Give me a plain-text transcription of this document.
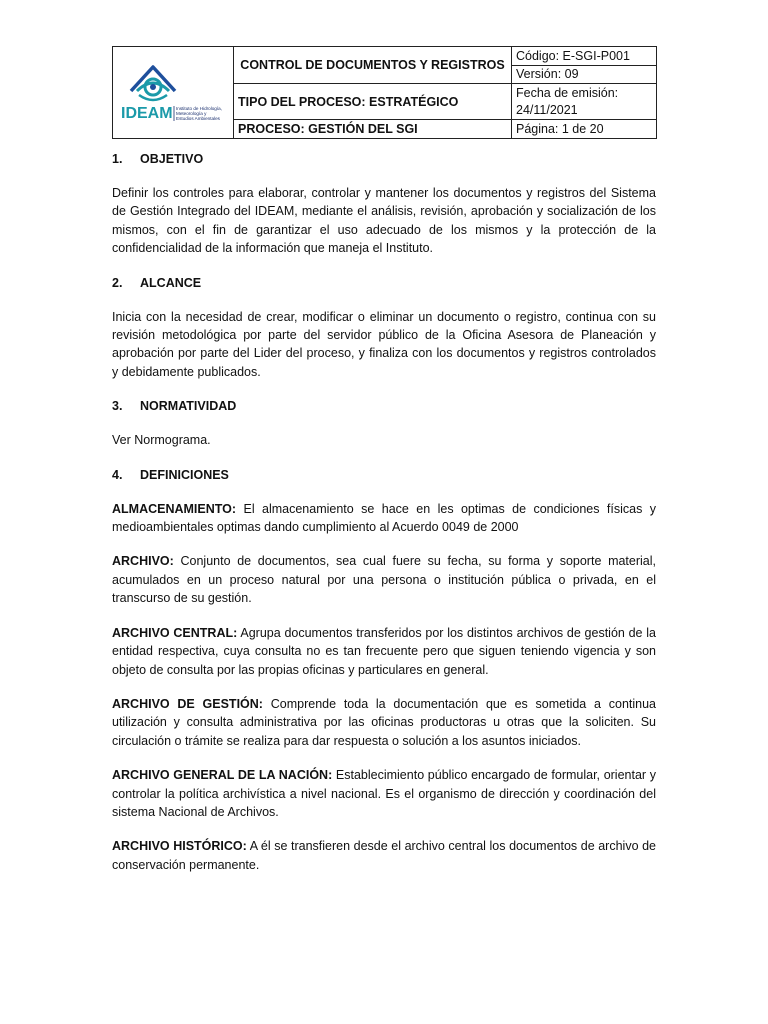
IDEAM Instituto de Hidrología,
Meteorología y
Estudios Ambientales	CONTROL DE DOCUMENTOS Y REGISTROS	Código: E-SGI-P001
		Versión: 09
	TIPO DEL PROCESO: ESTRATÉGICO	Fecha de emisión:
24/11/2021

	PROCESO: GESTIÓN DEL SGI	Página: 1 de 20
1. OBJETIVO

Definir los controles para elaborar, controlar y mantener los documentos y registros del Sistema de Gestión Integrado del IDEAM, mediante el análisis, revisión, aprobación y socialización de los mismos, con el fin de garantizar el uso adecuado de los mismos y la protección de la confidencialidad de la información que maneja el Instituto.

2. ALCANCE

Inicia con la necesidad de crear, modificar o eliminar un documento o registro, continua con su revisión metodológica por parte del servidor público de la Oficina Asesora de Planeación y aprobación por parte del Lider del proceso, y finaliza con los documentos y registros controlados y debidamente publicados.

3. NORMATIVIDAD

Ver Normograma.

4. DEFINICIONES

ALMACENAMIENTO: El almacenamiento se hace en les optimas de condiciones físicas y medioambientales optimas dando cumplimiento al Acuerdo 0049 de 2000

ARCHIVO: Conjunto de documentos, sea cual fuere su fecha, su forma y soporte material, acumulados en un proceso natural por una persona o institución pública o privada, en el transcurso de su gestión.

ARCHIVO CENTRAL: Agrupa documentos transferidos por los distintos archivos de gestión de la entidad respectiva, cuya consulta no es tan frecuente pero que siguen teniendo vigencia y son objeto de consulta por las propias oficinas y particulares en general.

ARCHIVO DE GESTIÓN: Comprende toda la documentación que es sometida a continua utilización y consulta administrativa por las oficinas productoras u otras que la soliciten. Su circulación o trámite se realiza para dar respuesta o solución a los asuntos iniciados.

ARCHIVO GENERAL DE LA NACIÓN: Establecimiento público encargado de formular, orientar y controlar la política archivística a nivel nacional. Es el organismo de dirección y coordinación del sistema Nacional de Archivos.

ARCHIVO HISTÓRICO: A él se transfieren desde el archivo central los documentos de archivo de conservación permanente.
